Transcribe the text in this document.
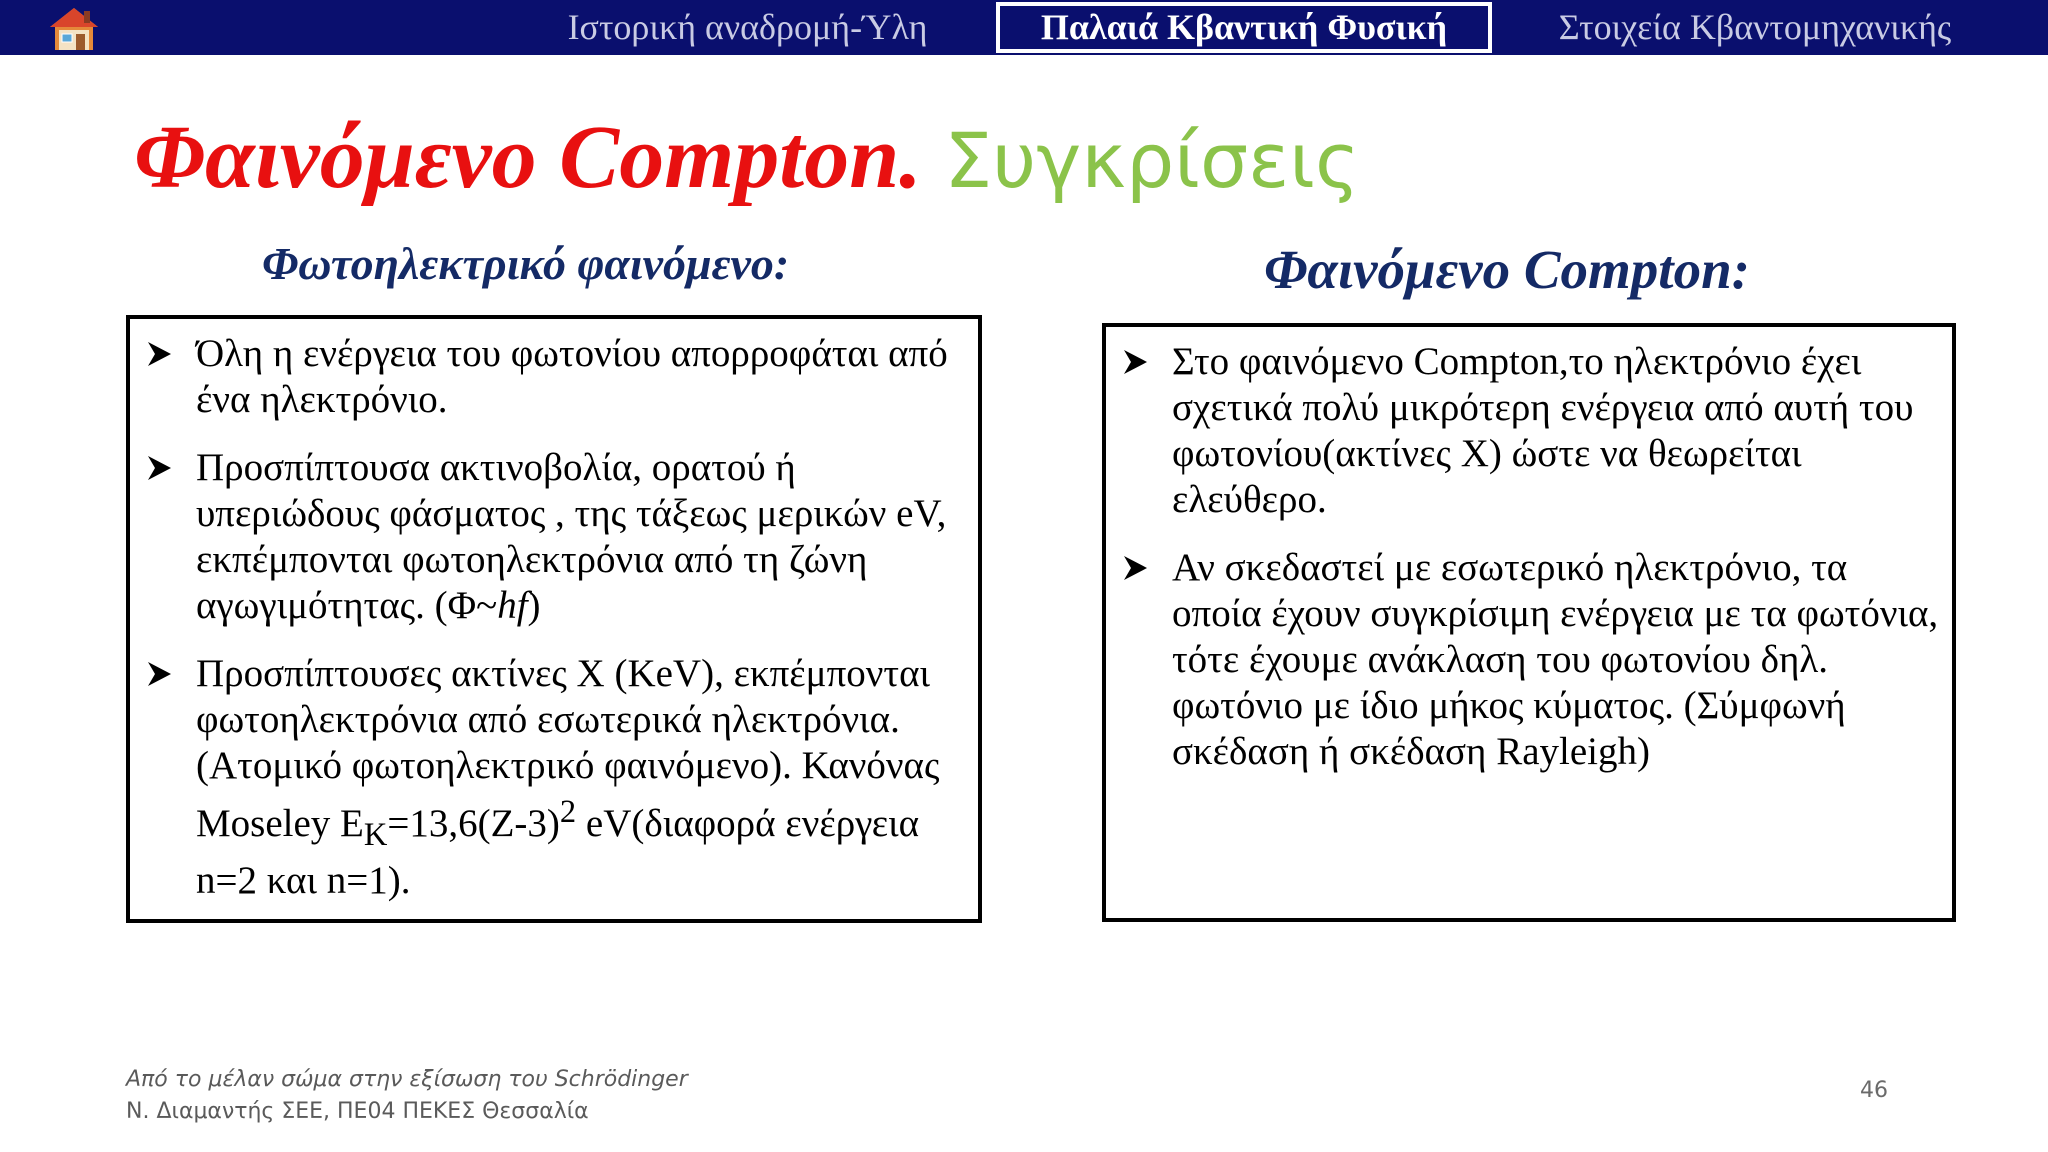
Ιστορική αναδρομή-Ύλη	Παλαιά Κβαντική Φυσική	Στοιχεία Κβαντομηχανικής
Φαινόμενο Compton. Συγκρίσεις
Φωτοηλεκτρικό φαινόμενο:	Φαινόμενο Compton:
Όλη η ενέργεια του φωτονίου απορροφάται από ένα ηλεκτρόνιο.
Προσπίπτουσα ακτινοβολία, ορατού ή υπεριώδους φάσματος , της τάξεως μερικών eV, εκπέμπονται φωτοηλεκτρόνια από τη ζώνη αγωγιμότητας. (Φ~hf)
Προσπίπτουσες ακτίνες X (KeV), εκπέμπονται φωτοηλεκτρόνια από εσωτερικά ηλεκτρόνια. (Ατομικό φωτοηλεκτρικό φαινόμενο). Κανόνας Moseley $E_K=13,6(Z-3)^2$ eV(διαφορά ενέργεια n=2 και n=1).
Στο φαινόμενο Compton,το ηλεκτρόνιο έχει σχετικά πολύ μικρότερη ενέργεια από αυτή του φωτονίου(ακτίνες X) ώστε να θεωρείται ελεύθερο.
Αν σκεδαστεί με εσωτερικό ηλεκτρόνιο, τα οποία έχουν συγκρίσιμη ενέργεια με τα φωτόνια, τότε έχουμε ανάκλαση του φωτονίου δηλ. φωτόνιο με ίδιο μήκος κύματος. (Σύμφωνή σκέδαση ή σκέδαση Rayleigh)
Από το μέλαν σώμα στην εξίσωση του Schrödinger
Ν. Διαμαντής ΣΕΕ, ΠΕ04 ΠΕΚΕΣ Θεσσαλία
46
